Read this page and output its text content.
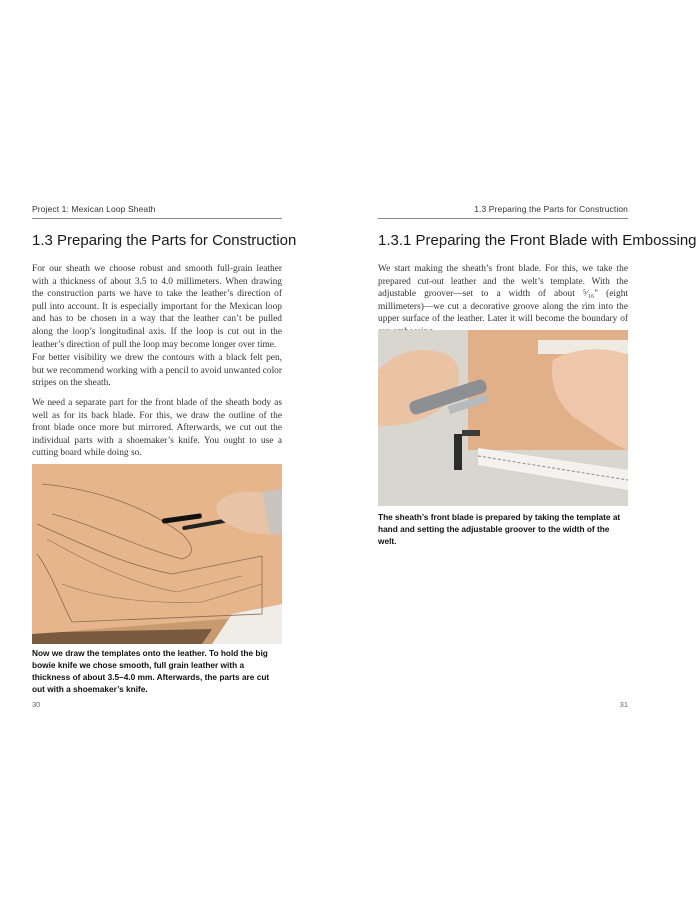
Project 1: Mexican Loop Sheath
1.3 Preparing the Parts for Construction

For our sheath we choose robust and smooth full-grain leather with a thickness of about 3.5 to 4.0 millimeters. When drawing the construction parts we have to take the leather’s direction of pull into account. It is especially important for the Mexican loop and has to be chosen in a way that the leather can’t be pulled along the loop’s longitudinal axis. If the loop is cut out in the leather’s direction of pull the loop may become longer over time.

For better visibility we drew the contours with a black felt pen, but we recommend working with a pencil to avoid unwanted color stripes on the sheath.

We need a separate part for the front blade of the sheath body as well as for its back blade. For this, we draw the outline of the front blade once more but mirrored. Afterwards, we cut out the individual parts with a shoemaker’s knife. You ought to use a cutting board while doing so.

Now we draw the templates onto the leather. To hold the big bowie knife we chose smooth, full grain leather with a thickness of about 3.5–4.0 mm. Afterwards, the parts are cut out with a shoemaker’s knife.

30
1.3 Preparing the Parts for Construction
1.3.1 Preparing the Front Blade with Embossing

We start making the sheath’s front blade. For this, we take the prepared cut-out leather and the welt’s template. With the adjustable groover—set to a width of about ⁵⁄₁₆" (eight millimeters)—we cut a decorative groove along the rim into the upper surface of the leather. Later it will become the boundary of

The sheath’s front blade is prepared by taking the template at hand and setting the adjustable groover to the width of the welt.

31
